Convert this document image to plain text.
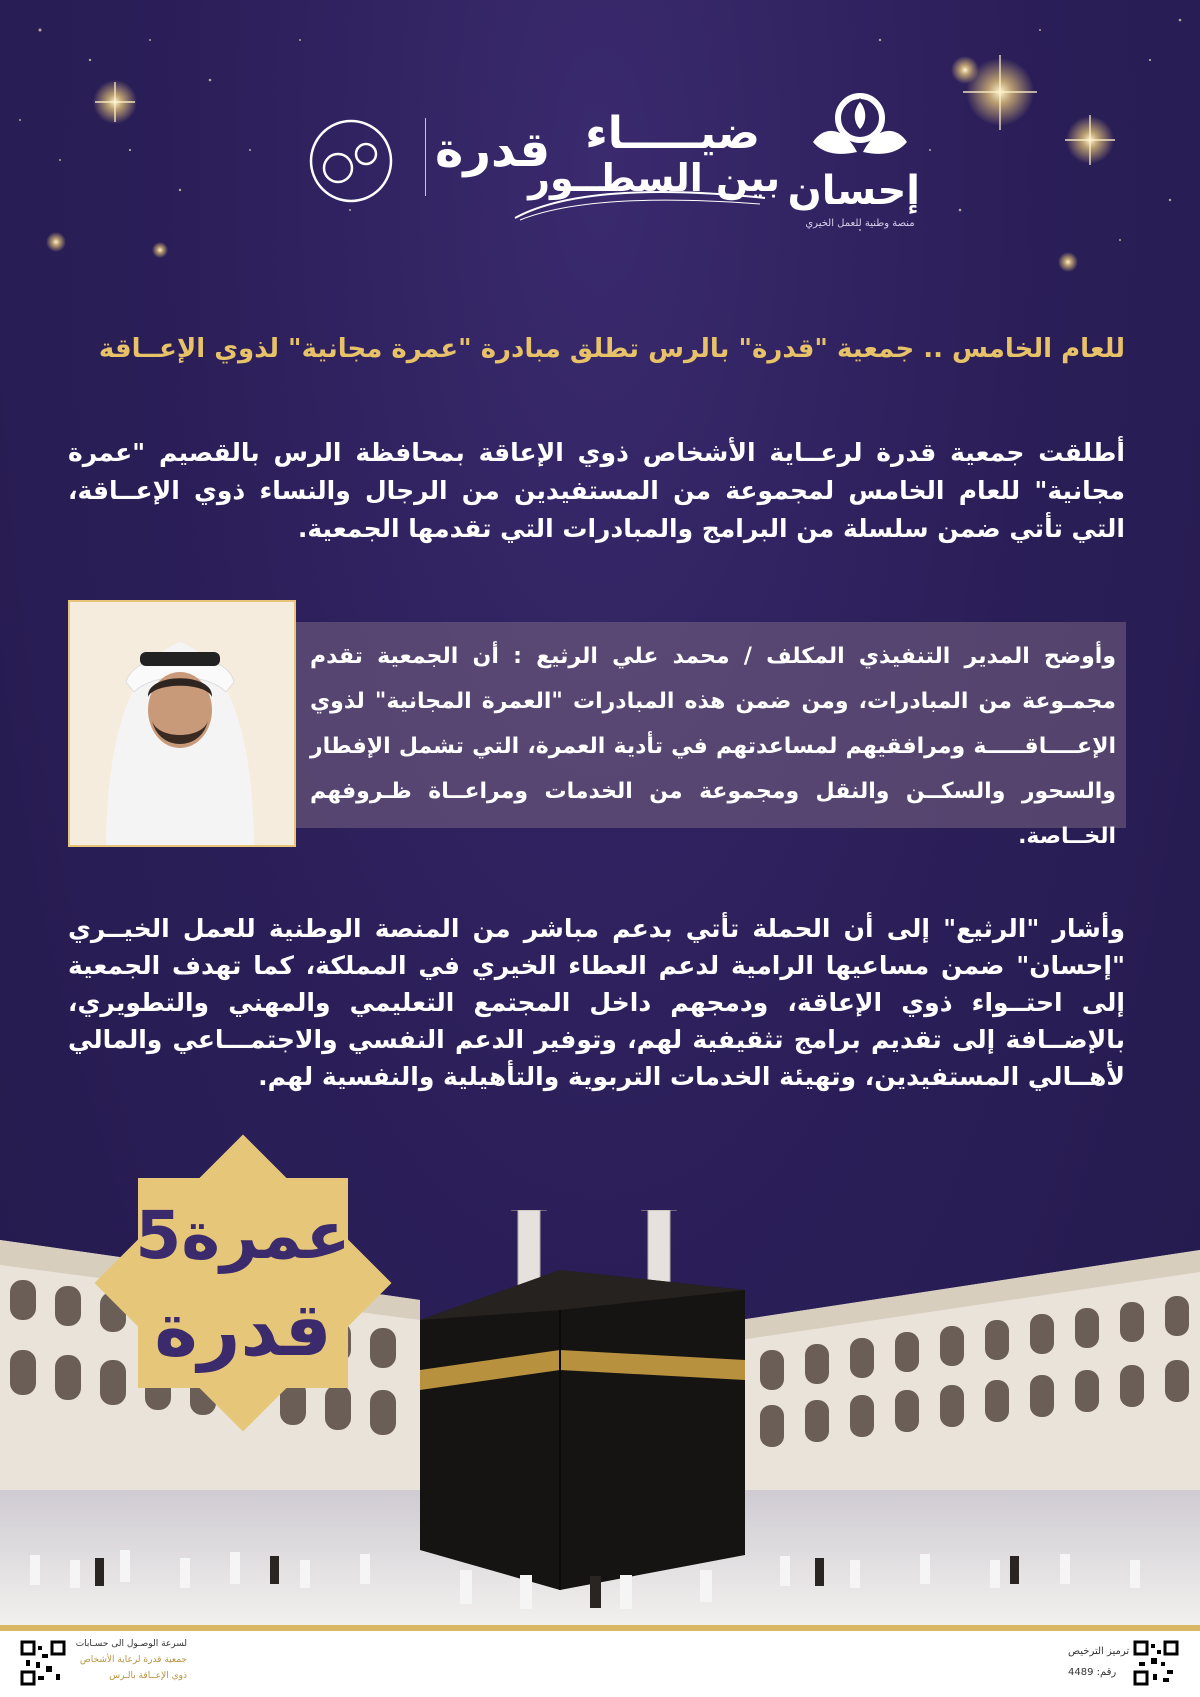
إحسان
منصة وطنية للعمل الخيري
ضيـــــاء
بين السطــور
قدرة
للعام الخامس .. جمعية "قدرة" بالرس تطلق مبادرة "عمرة مجانية" لذوي الإعــاقة
أطلقت جمعية قدرة لرعــاية الأشخاص ذوي الإعاقة بمحافظة الرس بالقصيم "عمرة مجانية" للعام الخامس لمجموعة من المستفيدين من الرجال والنساء ذوي الإعــاقة، التي تأتي ضمن سلسلة من البرامج والمبادرات التي تقدمها الجمعية.
وأوضح المدير التنفيذي المكلف / محمد علي الرثيع : أن الجمعية تقدم مجمـوعة من المبادرات، ومن ضمن هذه المبادرات "العمرة المجانية" لذوي الإعــــاقـــــة ومرافقيهم لمساعدتهم في تأدية العمرة، التي تشمل الإفطار والسحور والسكــن والنقل ومجموعة من الخدمات ومراعــاة ظـروفهم الخــاصة.
وأشار "الرثيع" إلى أن الحملة تأتي بدعم مباشر من المنصة الوطنية للعمل الخيــري "إحسان" ضمن مساعيها الرامية لدعم العطاء الخيري في المملكة، كما تهدف الجمعية إلى احتــواء ذوي الإعاقة، ودمجهم داخل المجتمع التعليمي والمهني والتطويري، بالإضــافة إلى تقديم برامج تثقيفية لهم، وتوفير الدعم النفسي والاجتمـــاعي والمالي لأهــالي المستفيدين، وتهيئة الخدمات التربوية والتأهيلية والنفسية لهم.
عمرة5
قدرة
ترميز الترخيص
رقم: 4489
لسرعة الوصـول الى حسـابات
جمعية قدرة لرعاية الأشخاص
ذوي الإعــاقة بالـرس
